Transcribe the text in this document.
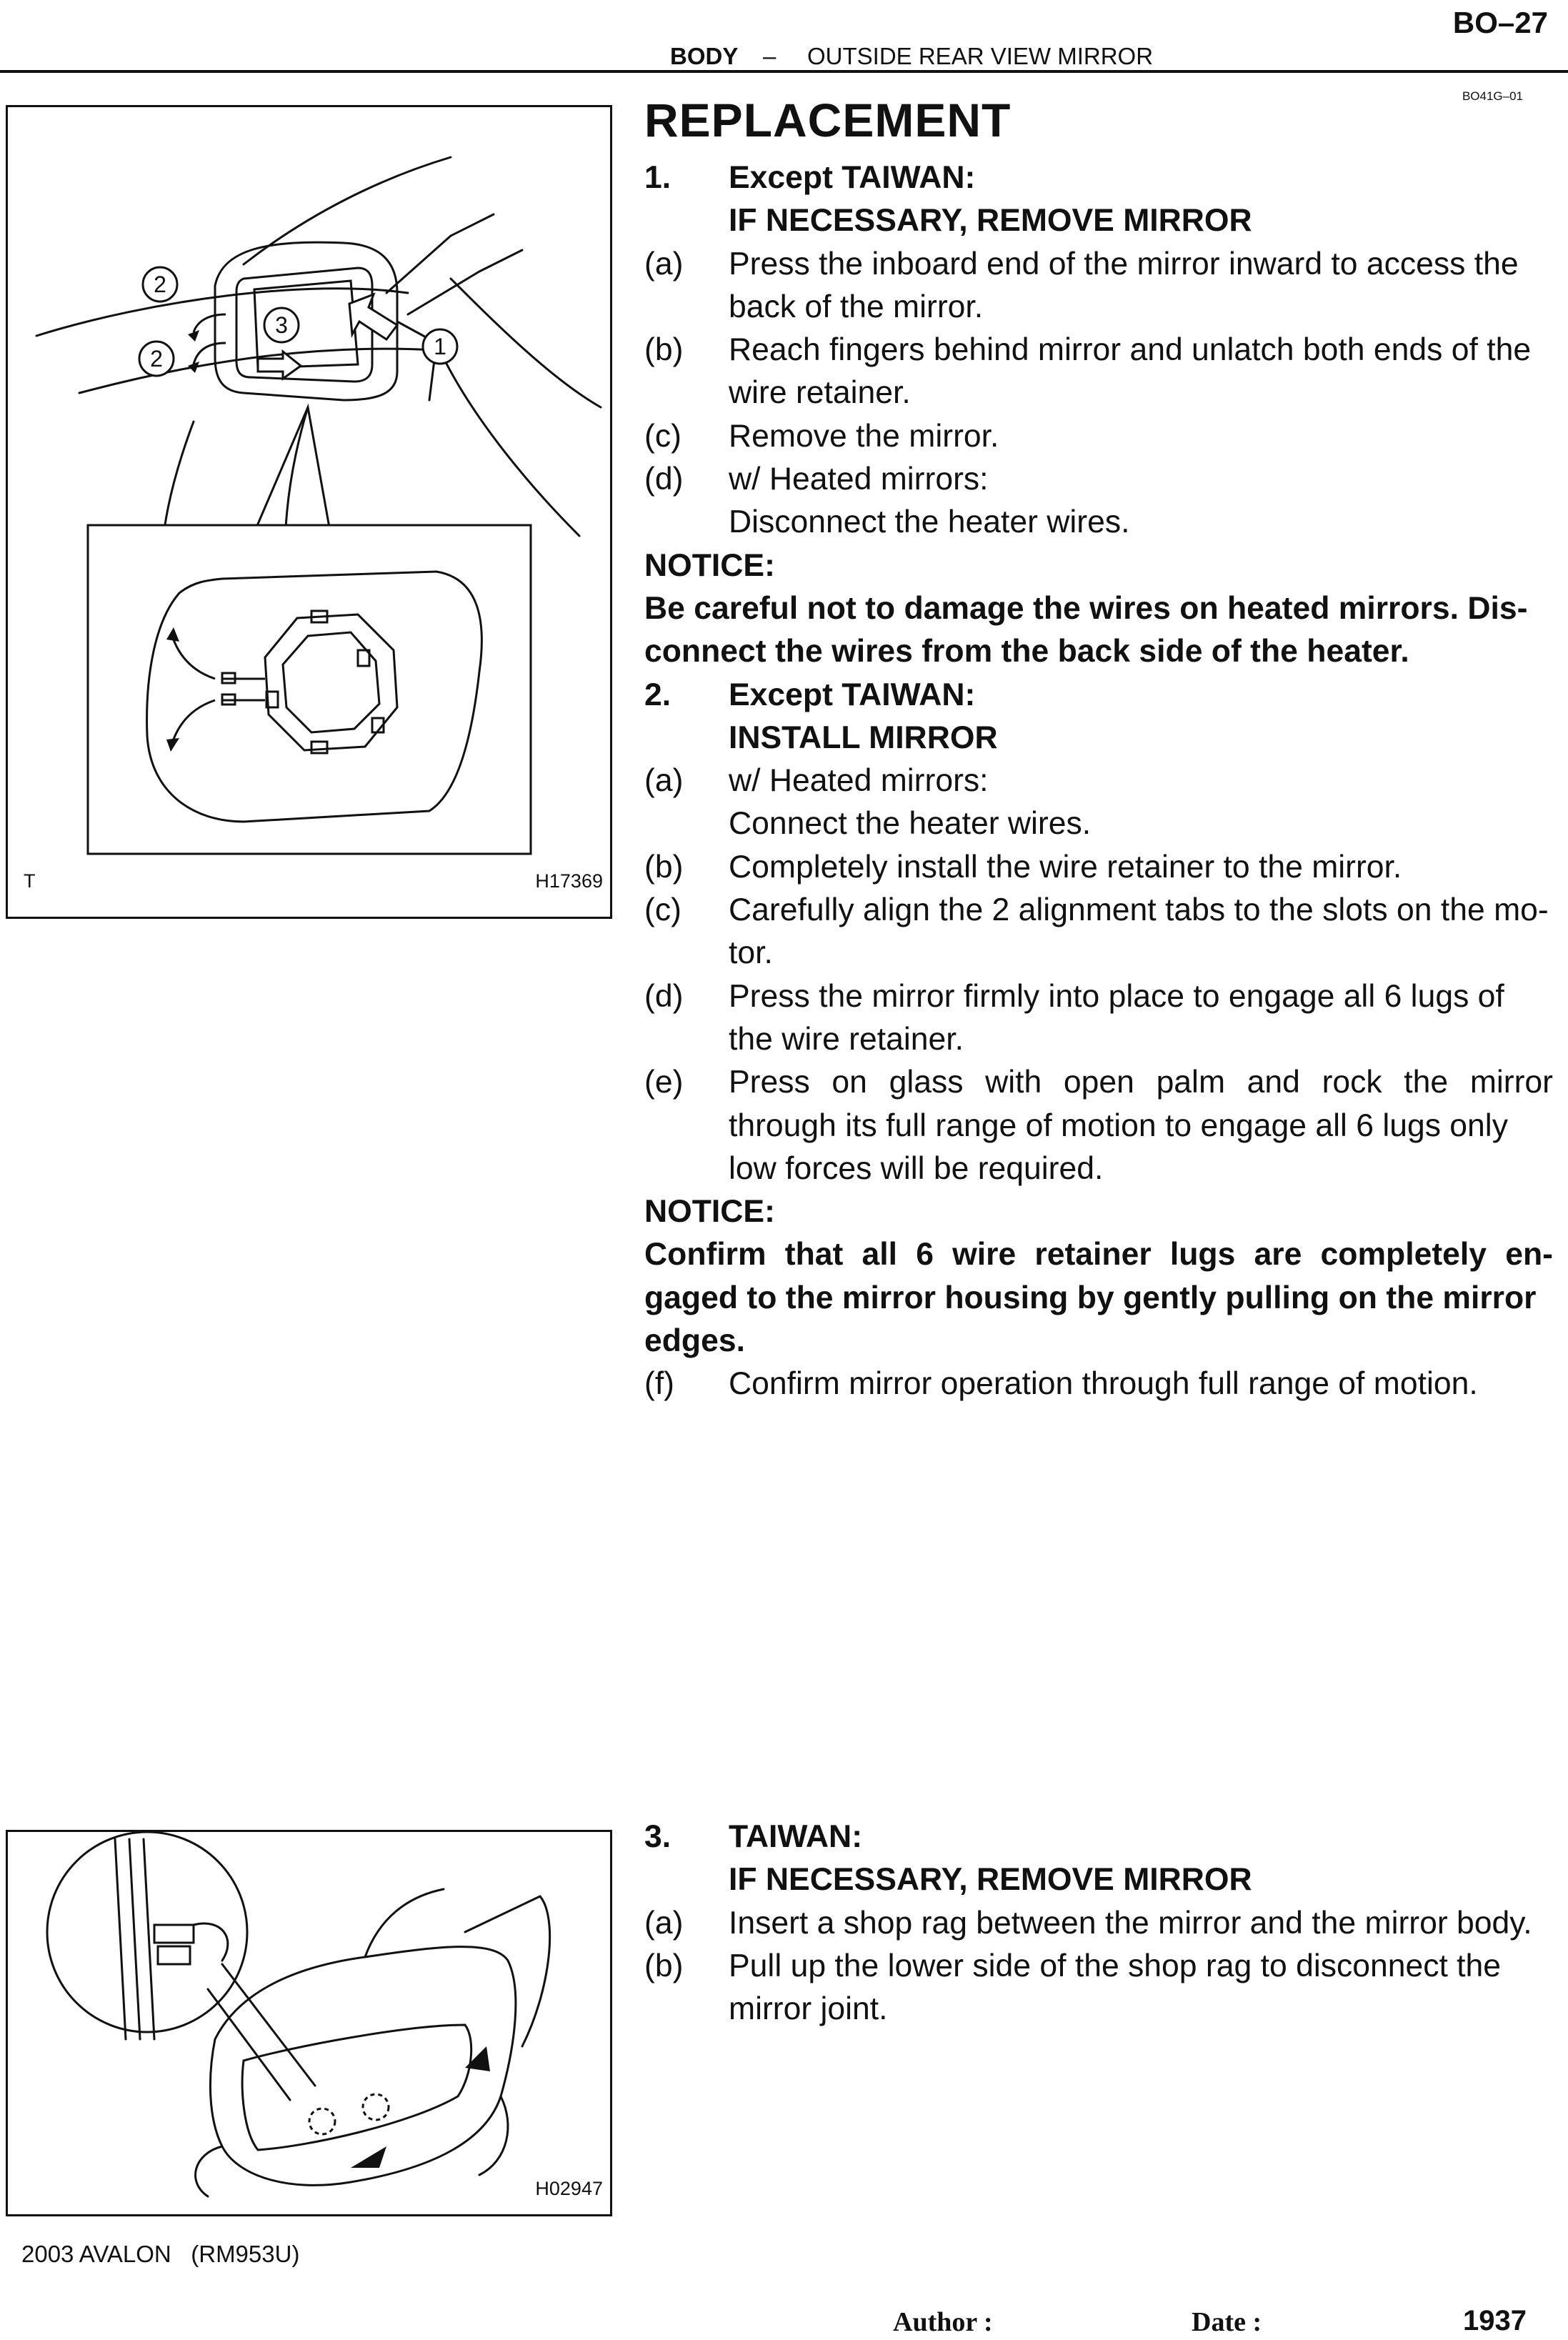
BO–27
BODY – OUTSIDE REAR VIEW MIRROR
BO41G–01
2
2
3
1
T	H17369
H02947
REPLACEMENT
1. Except TAIWAN:
IF NECESSARY, REMOVE MIRROR
(a) Press the inboard end of the mirror inward to access the
back of the mirror.
(b) Reach fingers behind mirror and unlatch both ends of the
wire retainer.
(c) Remove the mirror.
(d) w/ Heated mirrors:
Disconnect the heater wires.
NOTICE:
Be careful not to damage the wires on heated mirrors. Dis-
connect the wires from the back side of the heater.
2. Except TAIWAN:
INSTALL MIRROR
(a) w/ Heated mirrors:
Connect the heater wires.
(b) Completely install the wire retainer to the mirror.
(c) Carefully align the 2 alignment tabs to the slots on the mo-
tor.
(d) Press the mirror firmly into place to engage all 6 lugs of
the wire retainer.
(e) Press on glass with open palm and rock the mirror
through its full range of motion to engage all 6 lugs only
low forces will be required.
NOTICE:
Confirm that all 6 wire retainer lugs are completely en-
gaged to the mirror housing by gently pulling on the mirror
edges.
(f) Confirm mirror operation through full range of motion.
3. TAIWAN:
IF NECESSARY, REMOVE MIRROR
(a) Insert a shop rag between the mirror and the mirror body.
(b) Pull up the lower side of the shop rag to disconnect the
mirror joint.
2003 AVALON   (RM953U)
Author :	Date :	1937
